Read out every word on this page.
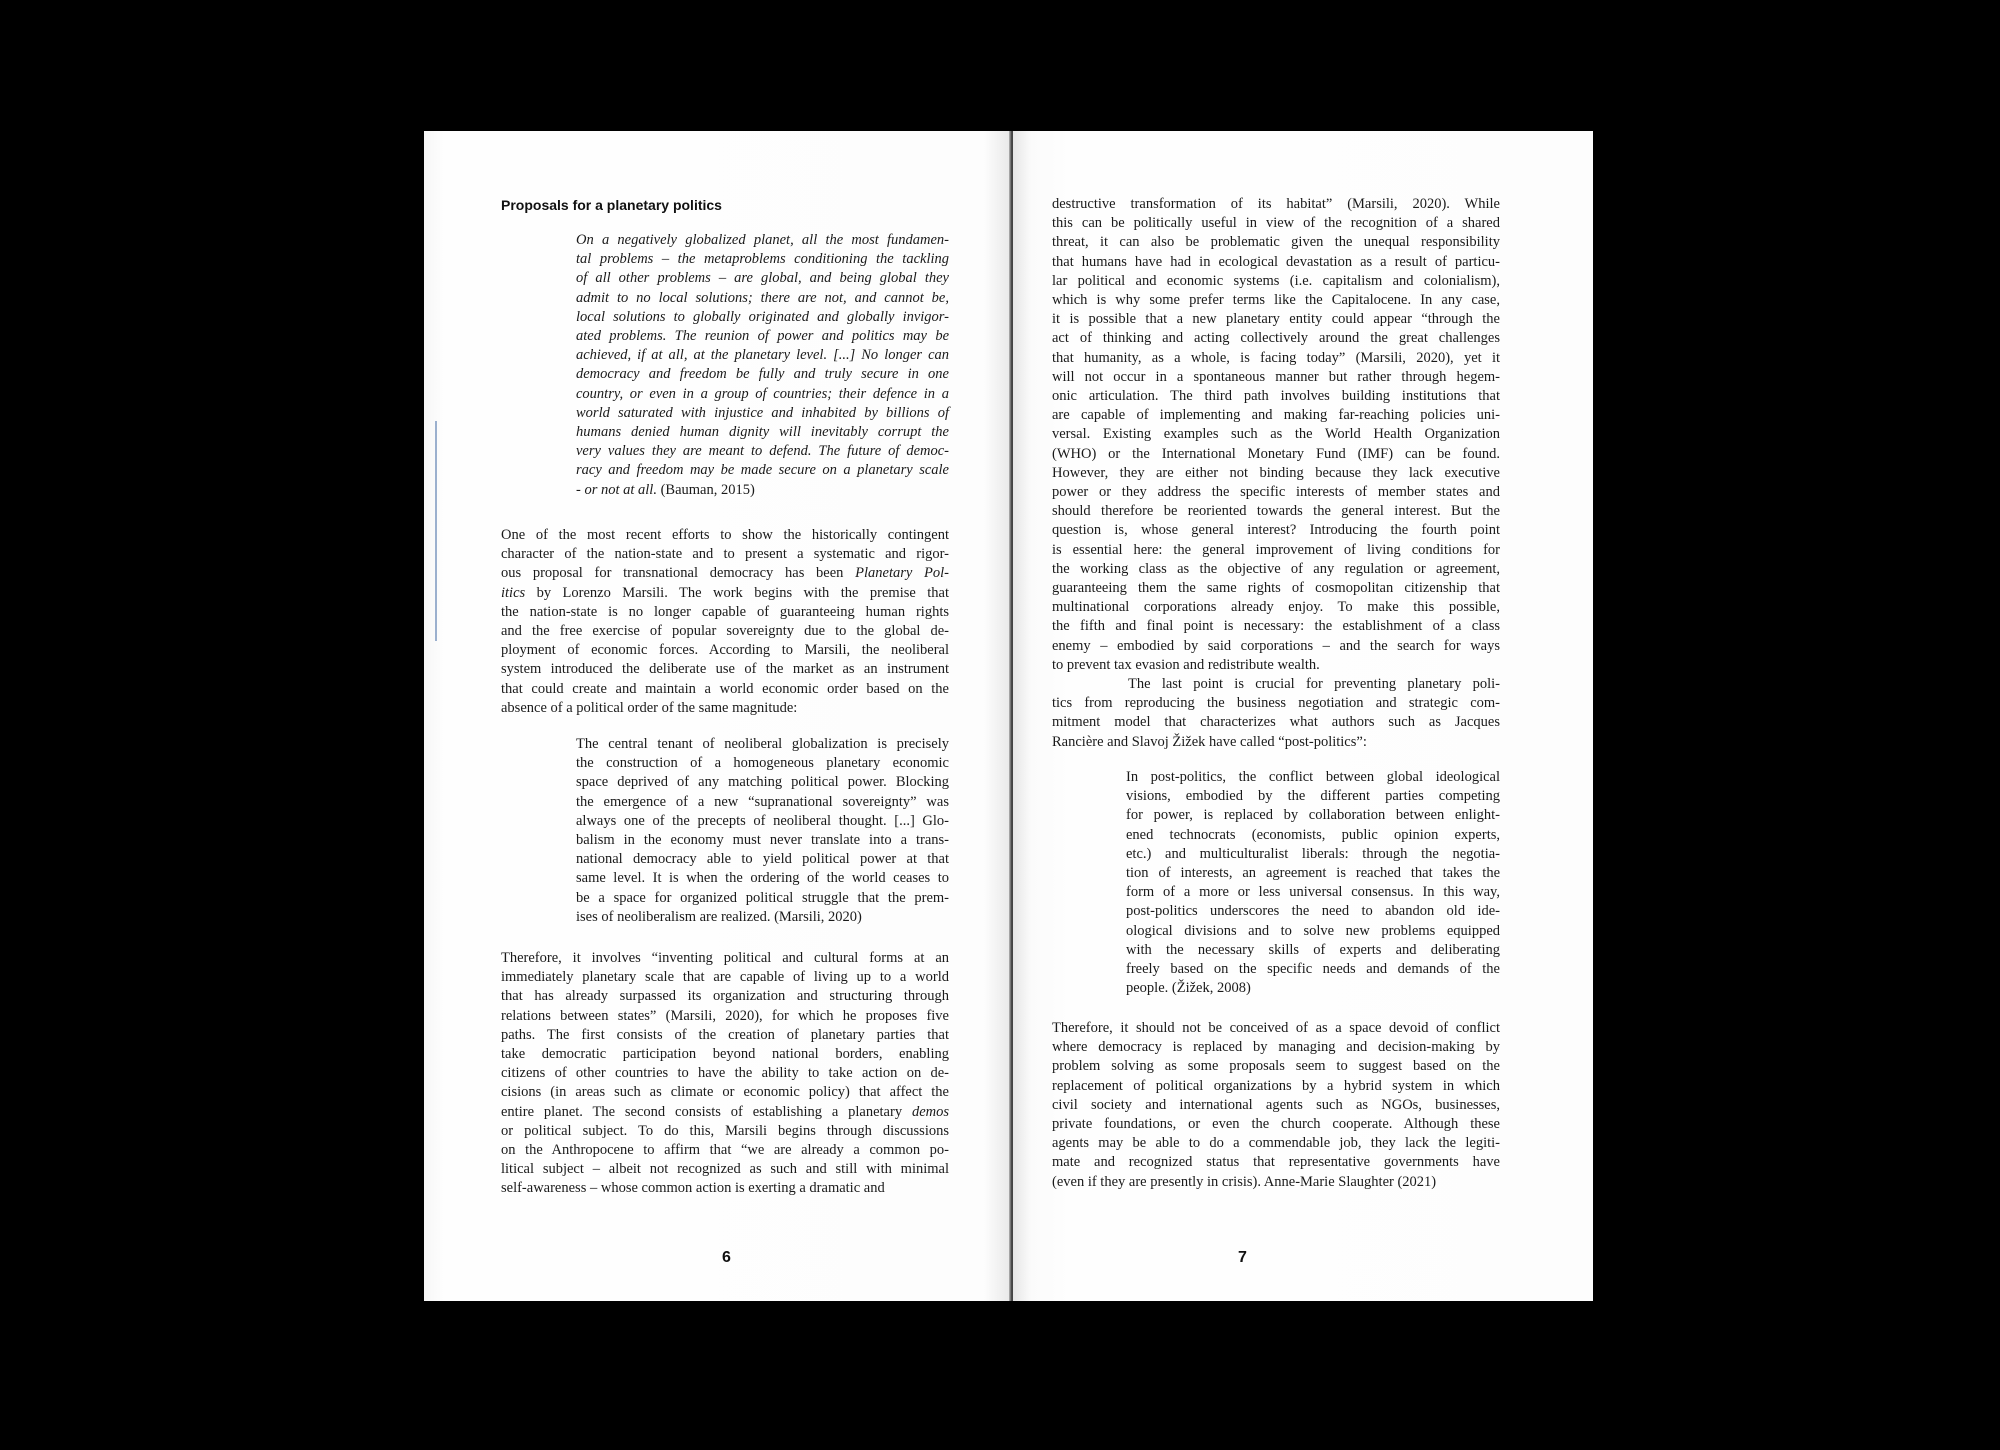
Proposals for a planetary politics
On a negatively globalized planet, all the most fundamen-
tal problems – the metaproblems conditioning the tackling
of all other problems – are global, and being global they
admit to no local solutions; there are not, and cannot be,
local solutions to globally originated and globally invigor-
ated problems. The reunion of power and politics may be
achieved, if at all, at the planetary level. [...] No longer can
democracy and freedom be fully and truly secure in one
country, or even in a group of countries; their defence in a
world saturated with injustice and inhabited by billions of
humans denied human dignity will inevitably corrupt the
very values they are meant to defend. The future of democ-
racy and freedom may be made secure on a planetary scale
- or not at all. (Bauman, 2015)
One of the most recent efforts to show the historically contingent
character of the nation-state and to present a systematic and rigor-
ous proposal for transnational democracy has been Planetary Pol-
itics by Lorenzo Marsili. The work begins with the premise that
the nation-state is no longer capable of guaranteeing human rights
and the free exercise of popular sovereignty due to the global de-
ployment of economic forces. According to Marsili, the neoliberal
system introduced the deliberate use of the market as an instrument
that could create and maintain a world economic order based on the
absence of a political order of the same magnitude:
The central tenant of neoliberal globalization is precisely
the construction of a homogeneous planetary economic
space deprived of any matching political power. Blocking
the emergence of a new “supranational sovereignty” was
always one of the precepts of neoliberal thought. [...] Glo-
balism in the economy must never translate into a trans-
national democracy able to yield political power at that
same level. It is when the ordering of the world ceases to
be a space for organized political struggle that the prem-
ises of neoliberalism are realized. (Marsili, 2020)
Therefore, it involves “inventing political and cultural forms at an
immediately planetary scale that are capable of living up to a world
that has already surpassed its organization and structuring through
relations between states” (Marsili, 2020), for which he proposes five
paths. The first consists of the creation of planetary parties that
take democratic participation beyond national borders, enabling
citizens of other countries to have the ability to take action on de-
cisions (in areas such as climate or economic policy) that affect the
entire planet. The second consists of establishing a planetary demos
or political subject. To do this, Marsili begins through discussions
on the Anthropocene to affirm that “we are already a common po-
litical subject – albeit not recognized as such and still with minimal
self-awareness – whose common action is exerting a dramatic and
6
destructive transformation of its habitat” (Marsili, 2020). While
this can be politically useful in view of the recognition of a shared
threat, it can also be problematic given the unequal responsibility
that humans have had in ecological devastation as a result of particu-
lar political and economic systems (i.e. capitalism and colonialism),
which is why some prefer terms like the Capitalocene. In any case,
it is possible that a new planetary entity could appear “through the
act of thinking and acting collectively around the great challenges
that humanity, as a whole, is facing today” (Marsili, 2020), yet it
will not occur in a spontaneous manner but rather through hegem-
onic articulation. The third path involves building institutions that
are capable of implementing and making far-reaching policies uni-
versal. Existing examples such as the World Health Organization
(WHO) or the International Monetary Fund (IMF) can be found.
However, they are either not binding because they lack executive
power or they address the specific interests of member states and
should therefore be reoriented towards the general interest. But the
question is, whose general interest? Introducing the fourth point
is essential here: the general improvement of living conditions for
the working class as the objective of any regulation or agreement,
guaranteeing them the same rights of cosmopolitan citizenship that
multinational corporations already enjoy. To make this possible,
the fifth and final point is necessary: the establishment of a class
enemy – embodied by said corporations – and the search for ways
to prevent tax evasion and redistribute wealth.
The last point is crucial for preventing planetary poli-
tics from reproducing the business negotiation and strategic com-
mitment model that characterizes what authors such as Jacques
Rancière and Slavoj Žižek have called “post-politics”:
In post-politics, the conflict between global ideological
visions, embodied by the different parties competing
for power, is replaced by collaboration between enlight-
ened technocrats (economists, public opinion experts,
etc.) and multiculturalist liberals: through the negotia-
tion of interests, an agreement is reached that takes the
form of a more or less universal consensus. In this way,
post-politics underscores the need to abandon old ide-
ological divisions and to solve new problems equipped
with the necessary skills of experts and deliberating
freely based on the specific needs and demands of the
people. (Žižek, 2008)
Therefore, it should not be conceived of as a space devoid of conflict
where democracy is replaced by managing and decision-making by
problem solving as some proposals seem to suggest based on the
replacement of political organizations by a hybrid system in which
civil society and international agents such as NGOs, businesses,
private foundations, or even the church cooperate. Although these
agents may be able to do a commendable job, they lack the legiti-
mate and recognized status that representative governments have
(even if they are presently in crisis). Anne-Marie Slaughter (2021)
7
